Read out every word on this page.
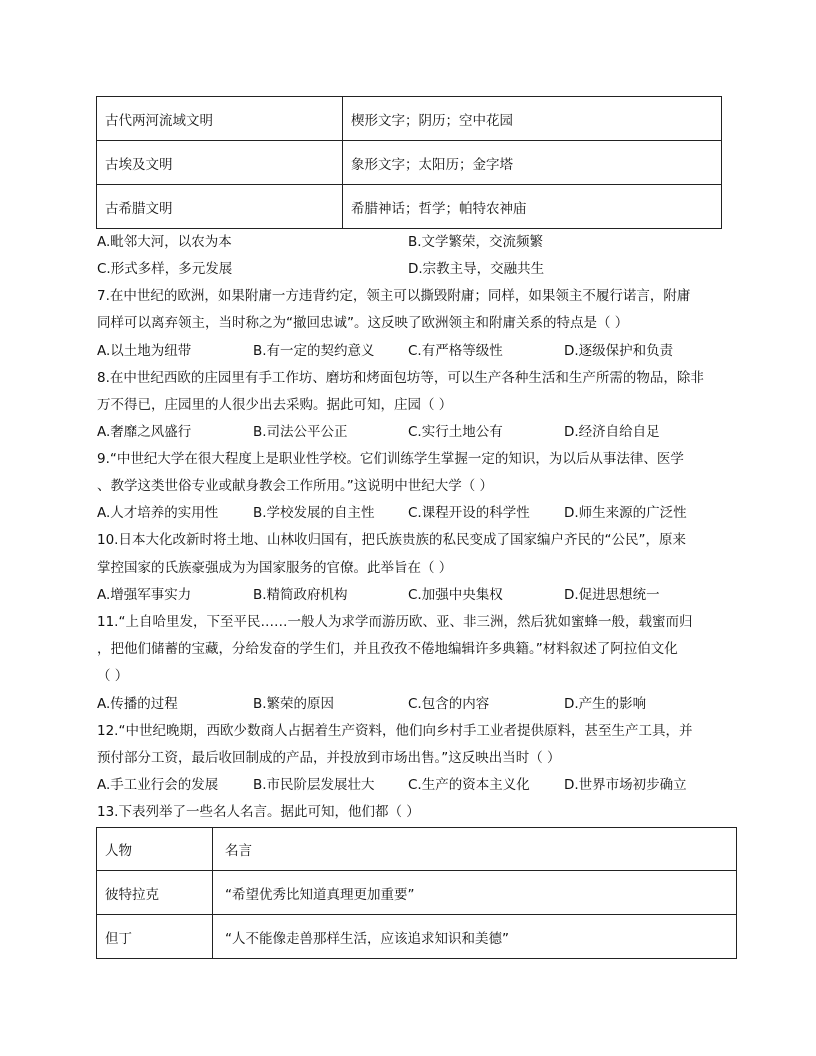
古代两河流域文明	楔形文字；阴历；空中花园
古埃及文明	象形文字；太阳历；金字塔
古希腊文明	希腊神话；哲学；帕特农神庙
A.毗邻大河，以农为本	B.文学繁荣，交流频繁
C.形式多样，多元发展	D.宗教主导，交融共生
7.在中世纪的欧洲，如果附庸一方违背约定，领主可以撕毁附庸；同样，如果领主不履行诺言，附庸
同样可以离弃领主，当时称之为“撤回忠诚”。这反映了欧洲领主和附庸关系的特点是（ ）
A.以土地为纽带	B.有一定的契约意义 C.有严格等级性	D.逐级保护和负责
8.在中世纪西欧的庄园里有手工作坊、磨坊和烤面包坊等，可以生产各种生活和生产所需的物品，除非
万不得已，庄园里的人很少出去采购。据此可知，庄园（ ）
A.奢靡之风盛行	B.司法公平公正	C.实行土地公有	D.经济自给自足
9.“中世纪大学在很大程度上是职业性学校。它们训练学生掌握一定的知识，为以后从事法律、医学
、教学这类世俗专业或献身教会工作所用。”这说明中世纪大学（ ）
A.人才培养的实用性	B.学校发展的自主性 C.课程开设的科学性	D.师生来源的广泛性
10.日本大化改新时将土地、山林收归国有，把氏族贵族的私民变成了国家编户齐民的“公民”，原来
掌控国家的氏族豪强成为为国家服务的官僚。此举旨在（ ）
A.增强军事实力	B.精简政府机构	C.加强中央集权	D.促进思想统一
11.“上自哈里发，下至平民……一般人为求学而游历欧、亚、非三洲，然后犹如蜜蜂一般，载蜜而归
，把他们储蓄的宝藏，分给发奋的学生们，并且孜孜不倦地编辑许多典籍。”材料叙述了阿拉伯文化
（ ）
A.传播的过程	B.繁荣的原因	C.包含的内容	D.产生的影响
12.“中世纪晚期，西欧少数商人占据着生产资料，他们向乡村手工业者提供原料，甚至生产工具，并
预付部分工资，最后收回制成的产品，并投放到市场出售。”这反映出当时（ ）
A.手工业行会的发展	B.市民阶层发展壮大 C.生产的资本主义化	D.世界市场初步确立
13.下表列举了一些名人名言。据此可知，他们都（ ）
人物	名言
彼特拉克	“希望优秀比知道真理更加重要”
但丁	“人不能像走兽那样生活，应该追求知识和美德”
